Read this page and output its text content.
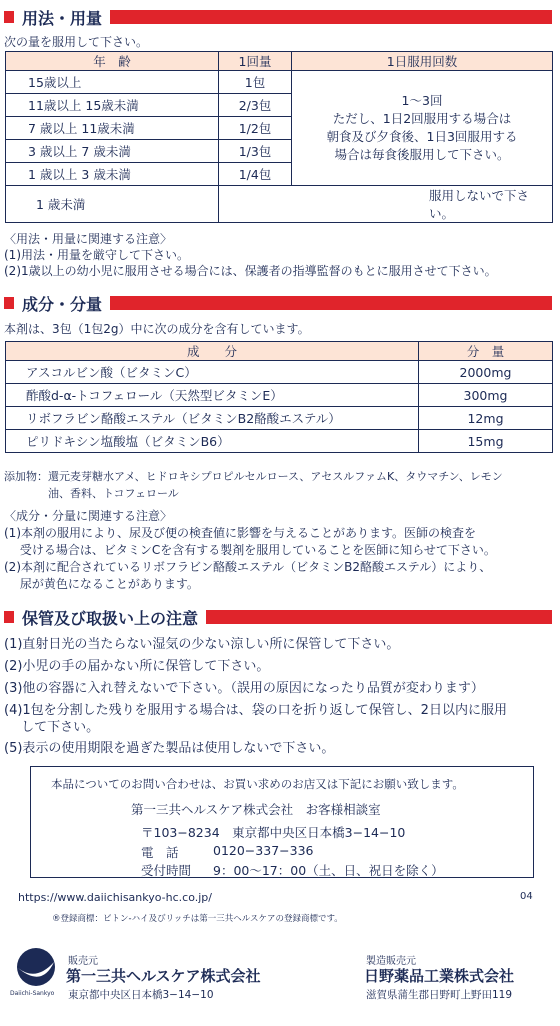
用法・用量
次の量を服用して下さい。
年　齢	1回量	1日服用回数
15歳以上	1包	1〜3回
ただし、1日2回服用する場合は
朝食及び夕食後、1日3回服用する
場合は毎食後服用して下さい。

11歳以上 15歳未満	2/3包	
7 歳以上 11歳未満	1/2包	
3 歳以上 7 歳未満	1/3包	
1 歳以上 3 歳未満	1/4包	
1 歳未満	服用しないで下さい。	
〈用法・用量に関連する注意〉
(1)用法・用量を厳守して下さい。
(2)1歳以上の幼小児に服用させる場合には、保護者の指導監督のもとに服用させて下さい。
成分・分量
本剤は、3包（1包2g）中に次の成分を含有しています。
成　　分	分　量
アスコルビン酸（ビタミンC）	2000mg
酢酸d-α-トコフェロール（天然型ビタミンE）	300mg
リボフラビン酪酸エステル（ビタミンB2酪酸エステル）	12mg
ピリドキシン塩酸塩（ビタミンB6）	15mg
添加物：還元麦芽糖水アメ、ヒドロキシプロピルセルロース、アセスルファムK、タウマチン、レモン
　　　　油、香料、トコフェロール
〈成分・分量に関連する注意〉
(1)本剤の服用により、尿及び便の検査値に影響を与えることがあります。医師の検査を
　 受ける場合は、ビタミンCを含有する製剤を服用していることを医師に知らせて下さい。
(2)本剤に配合されているリボフラビン酪酸エステル（ビタミンB2酪酸エステル）により、
　 尿が黄色になることがあります。
保管及び取扱い上の注意
(1)直射日光の当たらない湿気の少ない涼しい所に保管して下さい。
(2)小児の手の届かない所に保管して下さい。
(3)他の容器に入れ替えないで下さい。（誤用の原因になったり品質が変わります）
(4)1包を分割した残りを服用する場合は、袋の口を折り返して保管し、2日以内に服用
　 して下さい。
(5)表示の使用期限を過ぎた製品は使用しないで下さい。
本品についてのお問い合わせは、お買い求めのお店又は下記にお願い致します。
第一三共ヘルスケア株式会社　お客様相談室
〒103−8234　東京都中央区日本橋3−14−10
電　話	0120−337−336
受付時間 9：00〜17：00（土、日、祝日を除く）
https://www.daiichisankyo-hc.co.jp/	04
®登録商標：ビトン-ハイ及びリッチは第一三共ヘルスケアの登録商標です。
Daiichi-Sankyo
販売元
第一三共ヘルスケア株式会社
東京都中央区日本橋3−14−10
製造販売元
日野薬品工業株式会社
滋賀県蒲生郡日野町上野田119
